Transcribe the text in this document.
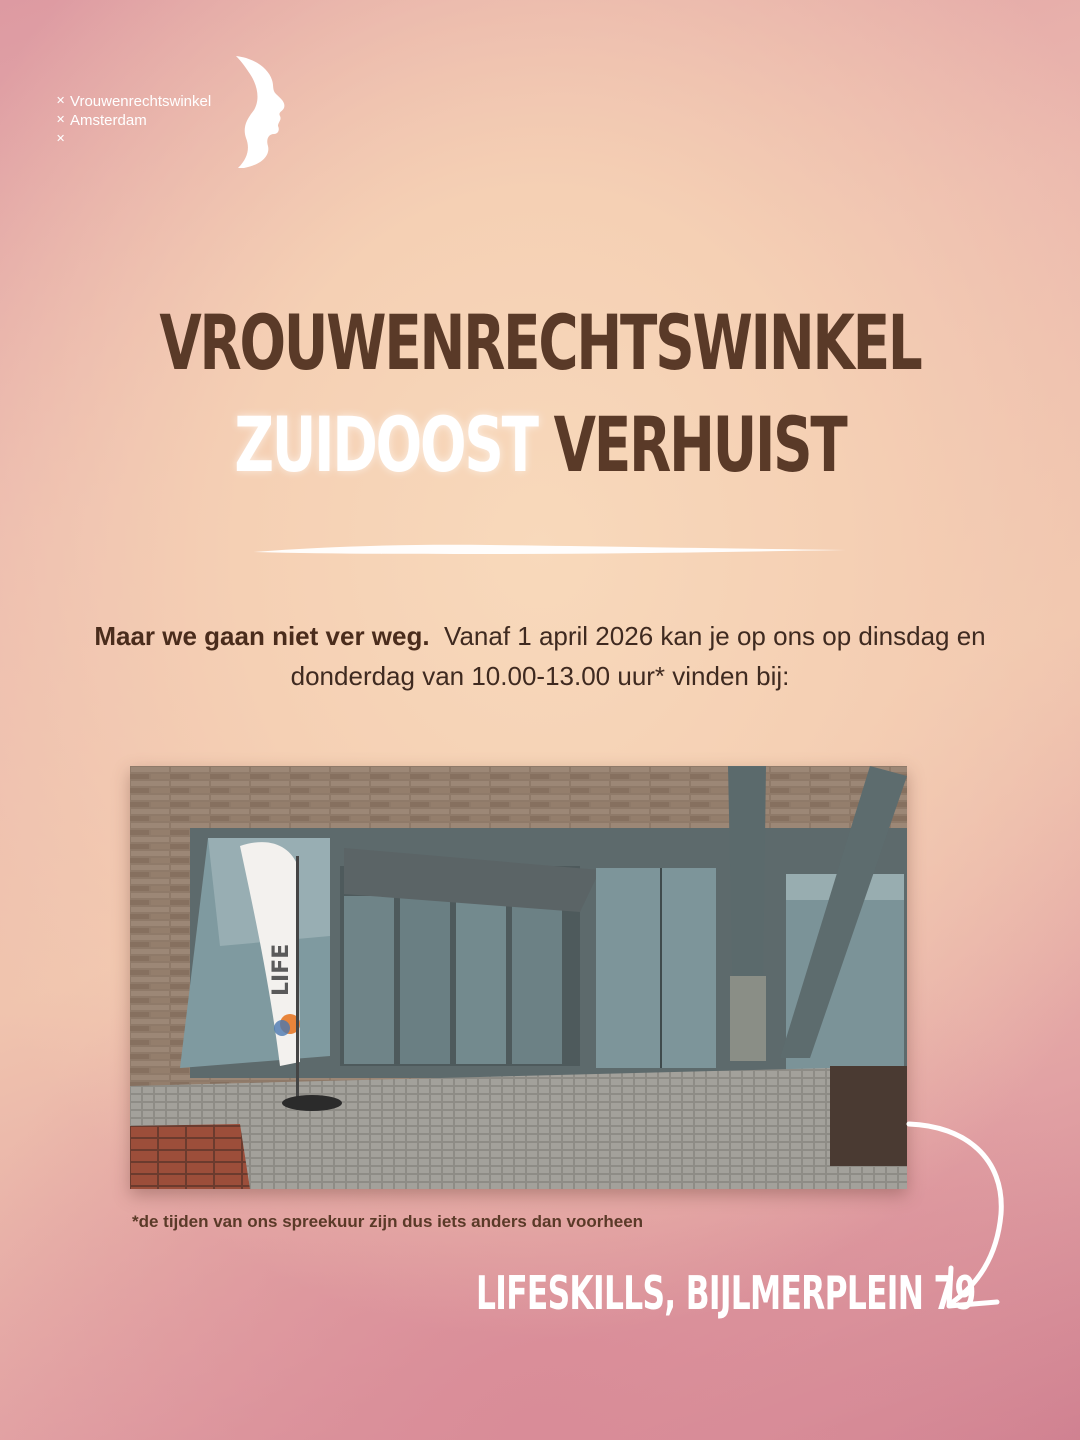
✕ Vrouwenrechtswinkel
✕ Amsterdam
✕
VROUWENRECHTSWINKEL
ZUIDOOST VERHUIST
Maar we gaan niet ver weg. Vanaf 1 april 2026 kan je op ons op dinsdag en donderdag van 10.00-13.00 uur* vinden bij:
LIFE
*de tijden van ons spreekuur zijn dus iets anders dan voorheen
LIFESKILLS, BIJLMERPLEIN 79
